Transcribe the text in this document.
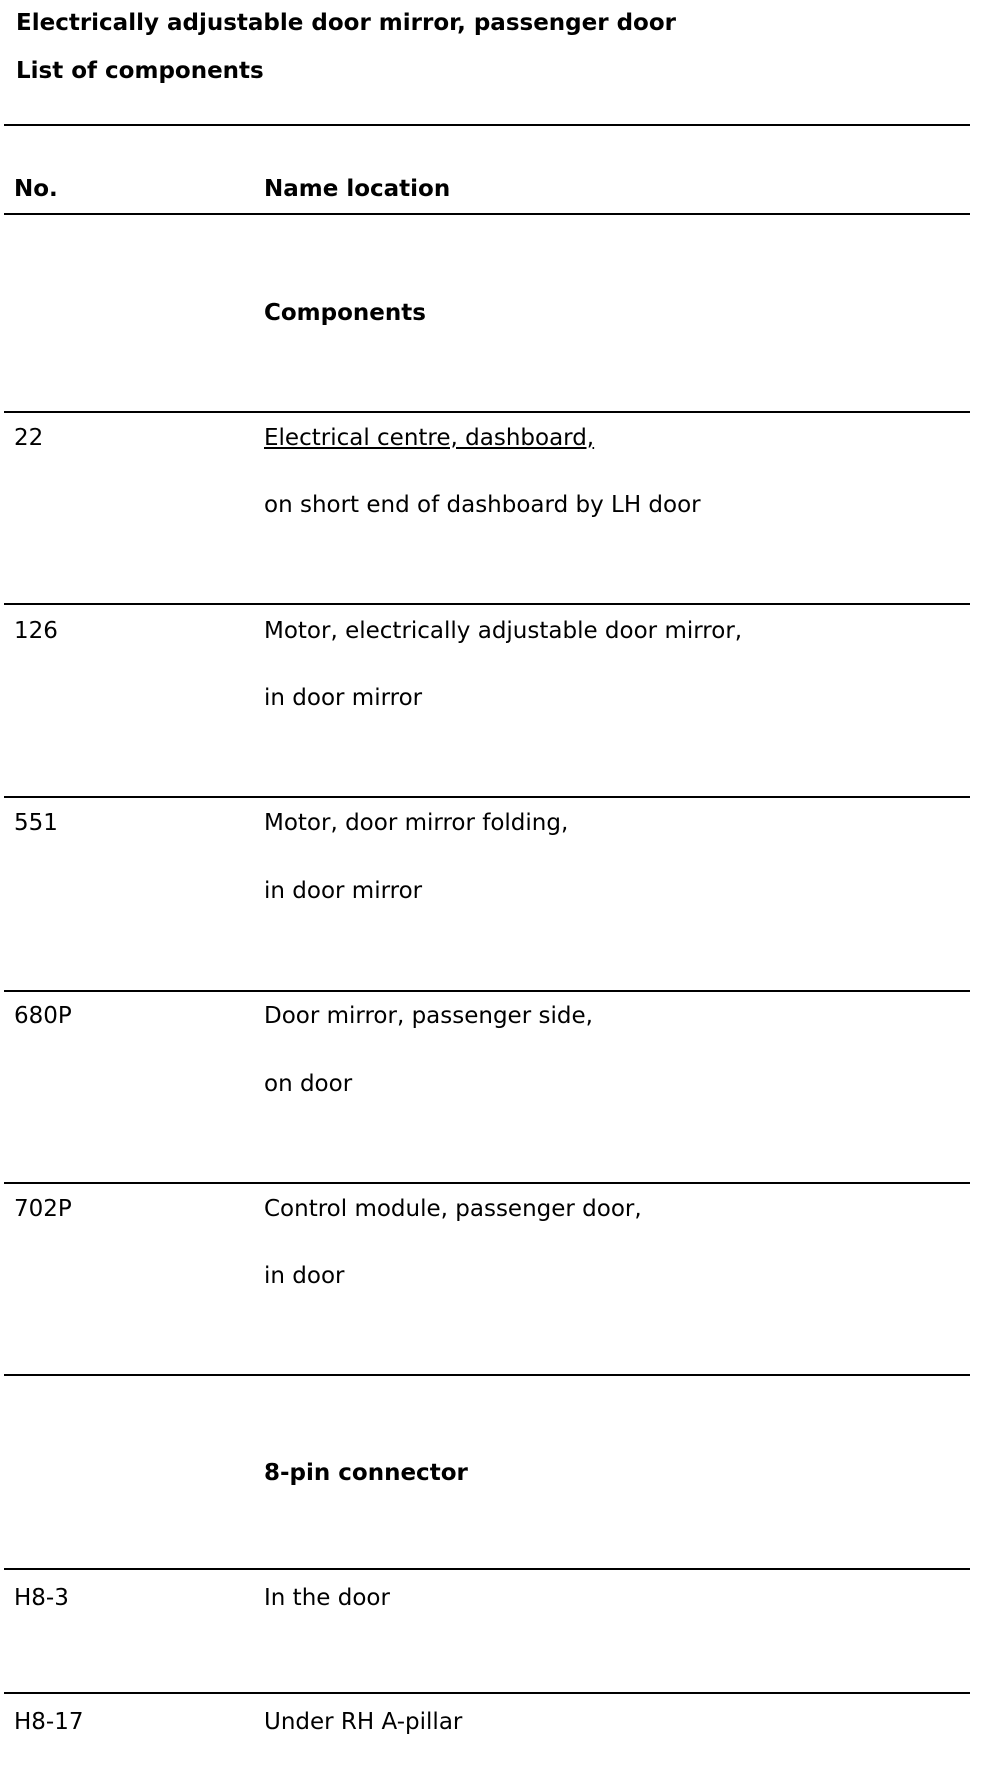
Electrically adjustable door mirror, passenger door
List of components
No.	Name location
Components
22	Electrical centre, dashboard,
on short end of dashboard by LH door
126	Motor, electrically adjustable door mirror,
in door mirror
551	Motor, door mirror folding,
in door mirror
680P	Door mirror, passenger side,
on door
702P	Control module, passenger door,
in door
8-pin connector
H8-3	In the door
H8-17	Under RH A-pillar
